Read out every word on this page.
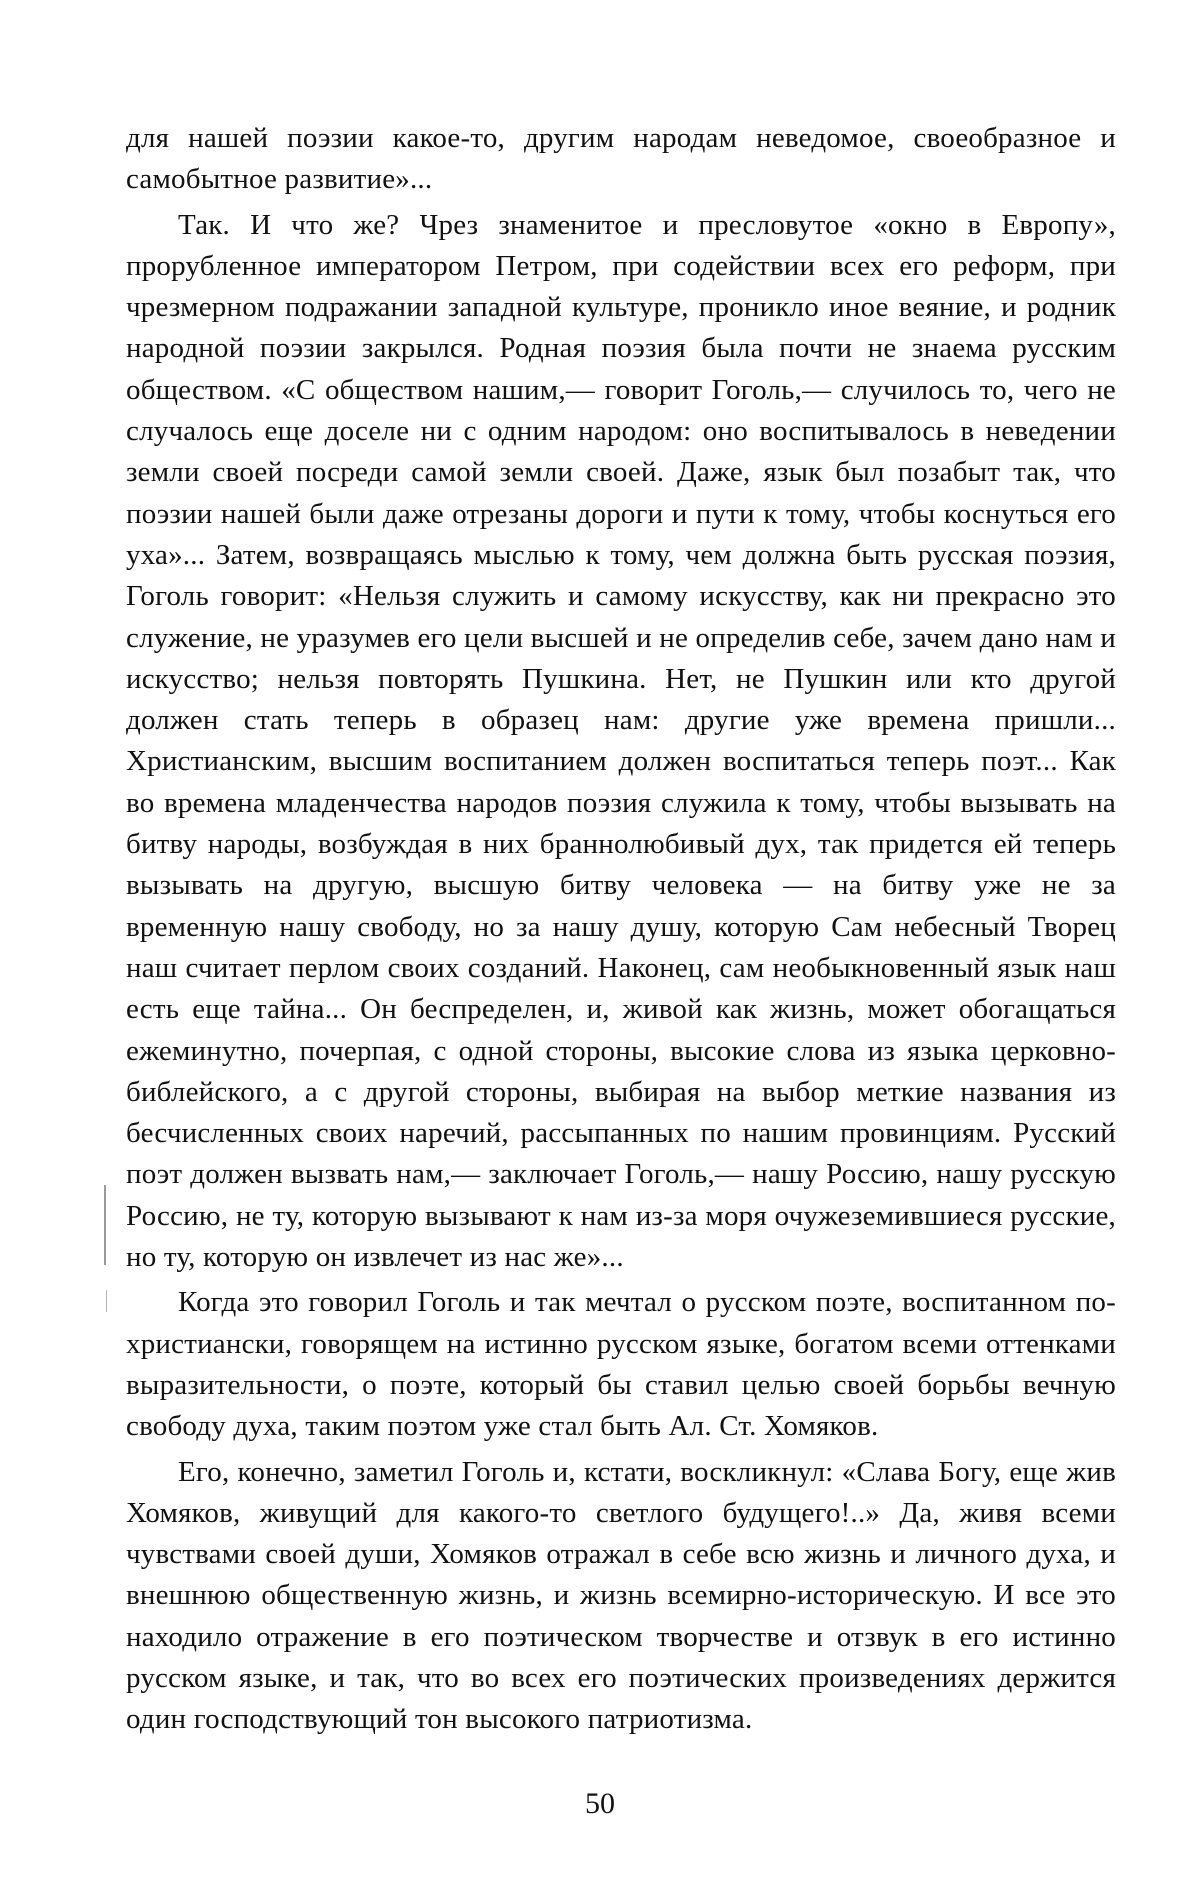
для нашей поэзии какое-то, другим народам неведомое, своеобразное и самобытное развитие»...

Так. И что же? Чрез знаменитое и пресловутое «окно в Европу», прорубленное императором Петром, при содействии всех его реформ, при чрезмерном подражании западной культуре, проникло иное веяние, и родник народной поэзии закрылся. Родная поэзия была почти не знаема русским обществом. «С обществом нашим,— говорит Гоголь,— случилось то, чего не случалось еще доселе ни с одним народом: оно воспитывалось в неведении земли своей посреди самой земли своей. Даже, язык был позабыт так, что поэзии нашей были даже отрезаны дороги и пути к тому, чтобы коснуться его уха»... Затем, возвращаясь мыслью к тому, чем должна быть русская поэзия, Гоголь говорит: «Нельзя служить и самому искусству, как ни прекрасно это служение, не уразумев его цели высшей и не определив себе, зачем дано нам и искусство; нельзя повторять Пушкина. Нет, не Пушкин или кто другой должен стать теперь в образец нам: другие уже времена пришли... Христианским, высшим воспитанием должен воспитаться теперь поэт... Как во времена младенчества народов поэзия служила к тому, чтобы вызывать на битву народы, возбуждая в них браннолюбивый дух, так придется ей теперь вызывать на другую, высшую битву человека — на битву уже не за временную нашу свободу, но за нашу душу, которую Сам небесный Творец наш считает перлом своих созданий. Наконец, сам необыкновенный язык наш есть еще тайна... Он беспределен, и, живой как жизнь, может обогащаться ежеминутно, почерпая, с одной стороны, высокие слова из языка церковно-библейского, а с другой стороны, выбирая на выбор меткие названия из бесчисленных своих наречий, рассыпанных по нашим провинциям. Русский поэт должен вызвать нам,— заключает Гоголь,— нашу Россию, нашу русскую Россию, не ту, которую вызывают к нам из-за моря очужеземившиеся русские, но ту, которую он извлечет из нас же»...

Когда это говорил Гоголь и так мечтал о русском поэте, воспитанном по-христиански, говорящем на истинно русском языке, богатом всеми оттенками выразительности, о поэте, который бы ставил целью своей борьбы вечную свободу духа, таким поэтом уже стал быть Ал. Ст. Хомяков.

Его, конечно, заметил Гоголь и, кстати, воскликнул: «Слава Богу, еще жив Хомяков, живущий для какого-то светлого будущего!..» Да, живя всеми чувствами своей души, Хомяков отражал в себе всю жизнь и личного духа, и внешнюю общественную жизнь, и жизнь всемирно-историческую. И все это находило отражение в его поэтическом творчестве и отзвук в его истинно русском языке, и так, что во всех его поэтических произведениях держится один господствующий тон высокого патриотизма.

50
